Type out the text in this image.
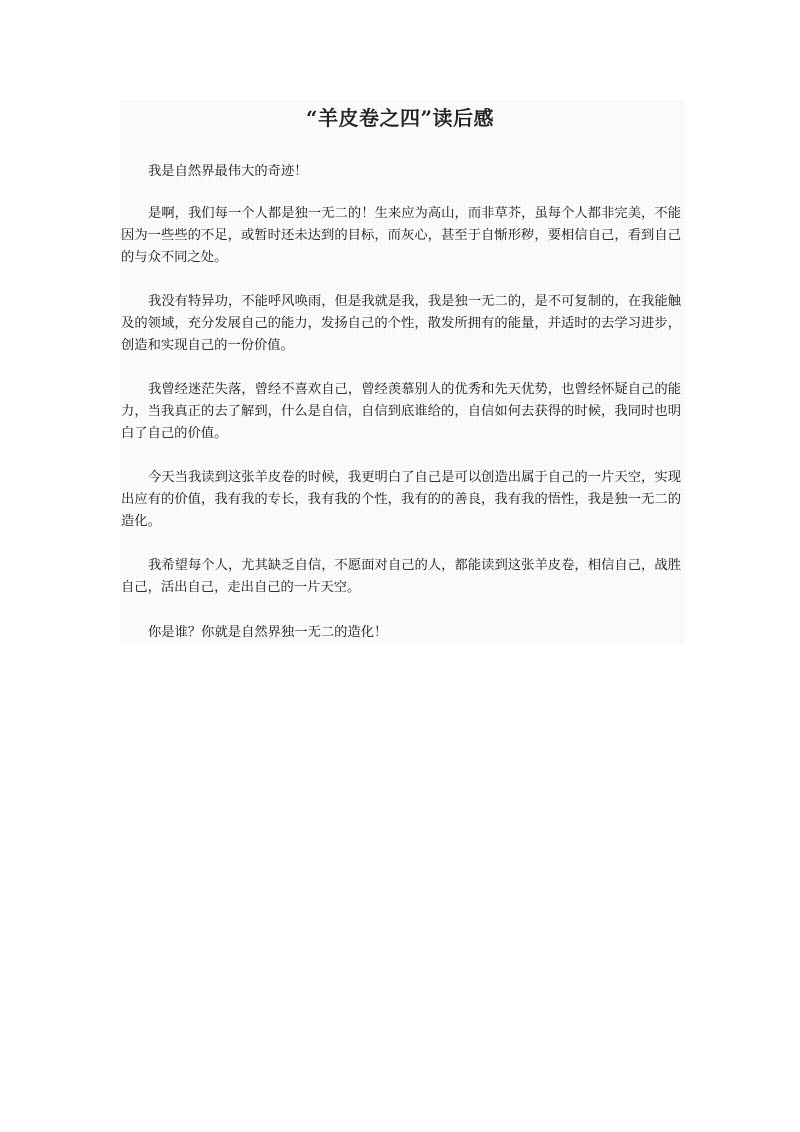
“羊皮卷之四”读后感

我是自然界最伟大的奇迹！

是啊，我们每一个人都是独一无二的！生来应为高山，而非草芥，虽每个人都非完美，不能因为一些些的不足，或暂时还未达到的目标，而灰心，甚至于自惭形秽，要相信自己，看到自己的与众不同之处。

我没有特异功，不能呼风唤雨，但是我就是我，我是独一无二的，是不可复制的，在我能触及的领域，充分发展自己的能力，发扬自己的个性，散发所拥有的能量，并适时的去学习进步，创造和实现自己的一份价值。

我曾经迷茫失落，曾经不喜欢自己，曾经羡慕别人的优秀和先天优势，也曾经怀疑自己的能力，当我真正的去了解到，什么是自信，自信到底谁给的，自信如何去获得的时候，我同时也明白了自己的价值。

今天当我读到这张羊皮卷的时候，我更明白了自己是可以创造出属于自己的一片天空，实现出应有的价值，我有我的专长，我有我的个性，我有的的善良，我有我的悟性，我是独一无二的造化。

我希望每个人，尤其缺乏自信，不愿面对自己的人，都能读到这张羊皮卷，相信自己，战胜自己，活出自己，走出自己的一片天空。

你是谁？你就是自然界独一无二的造化！
